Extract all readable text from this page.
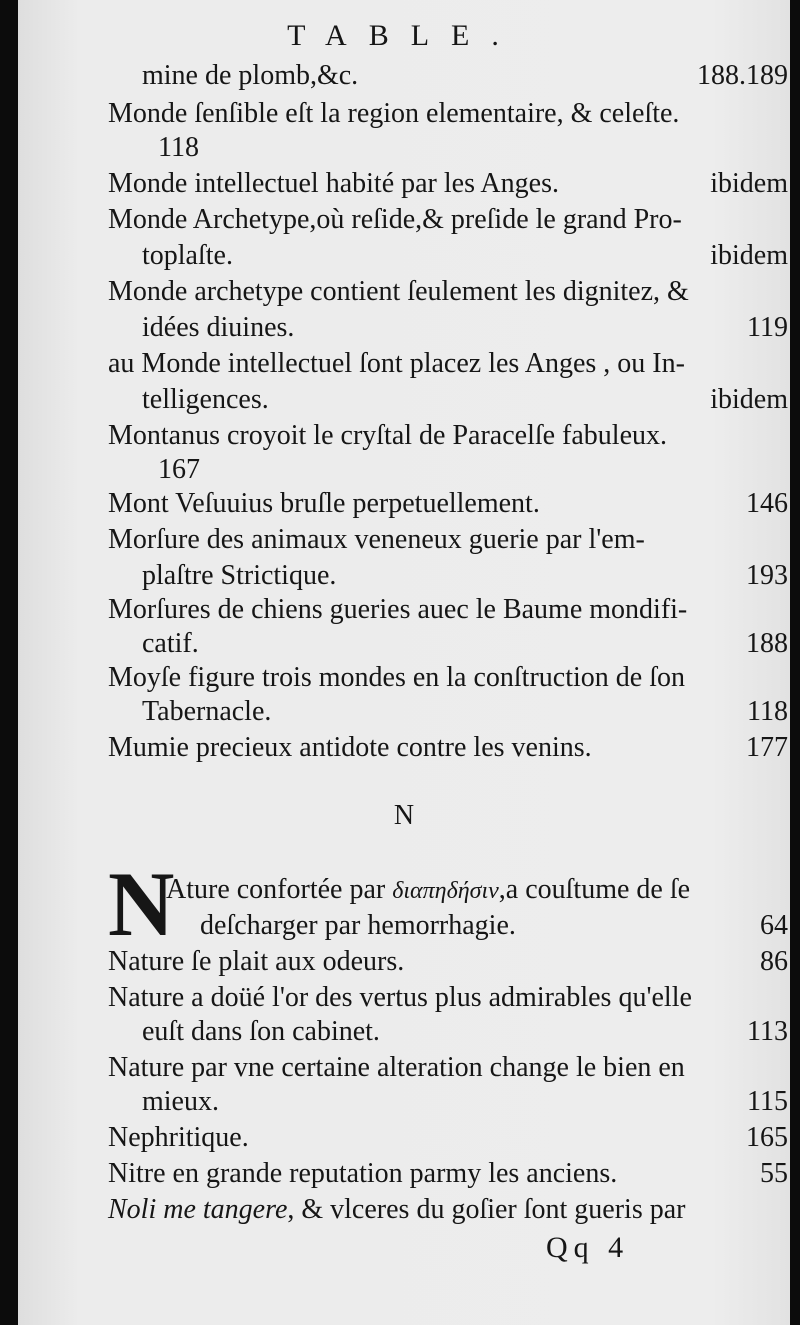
TABLE.
mine de plomb,&c.	188.189
Monde ſenſible eſt la region elementaire, & celeſte.
118
Monde intellectuel habité par les Anges.	ibidem
Monde Archetype,où reſide,& preſide le grand Pro-
toplaſte.	ibidem
Monde archetype contient ſeulement les dignitez, &
idées diuines.	119
au Monde intellectuel ſont placez les Anges , ou In-
telligences.	ibidem
Montanus croyoit le cryſtal de Paracelſe fabuleux.
167
Mont Veſuuius bruſle perpetuellement.	146
Morſure des animaux veneneux guerie par l'em-
plaſtre Strictique.	193
Morſures de chiens gueries auec le Baume mondifi-
catif.	188
Moyſe figure trois mondes en la conſtruction de ſon
Tabernacle.	118
Mumie precieux antidote contre les venins.	177
N
N
Ature confortée par διαπηδήσιν,a couſtume de ſe
deſcharger par hemorrhagie.	64
Nature ſe plait aux odeurs.	86
Nature a doüé l'or des vertus plus admirables qu'elle
euſt dans ſon cabinet.	113
Nature par vne certaine alteration change le bien en
mieux.	115
Nephritique.	165
Nitre en grande reputation parmy les anciens.	55
Noli me tangere, & vlceres du goſier ſont gueris par
Qq 4
